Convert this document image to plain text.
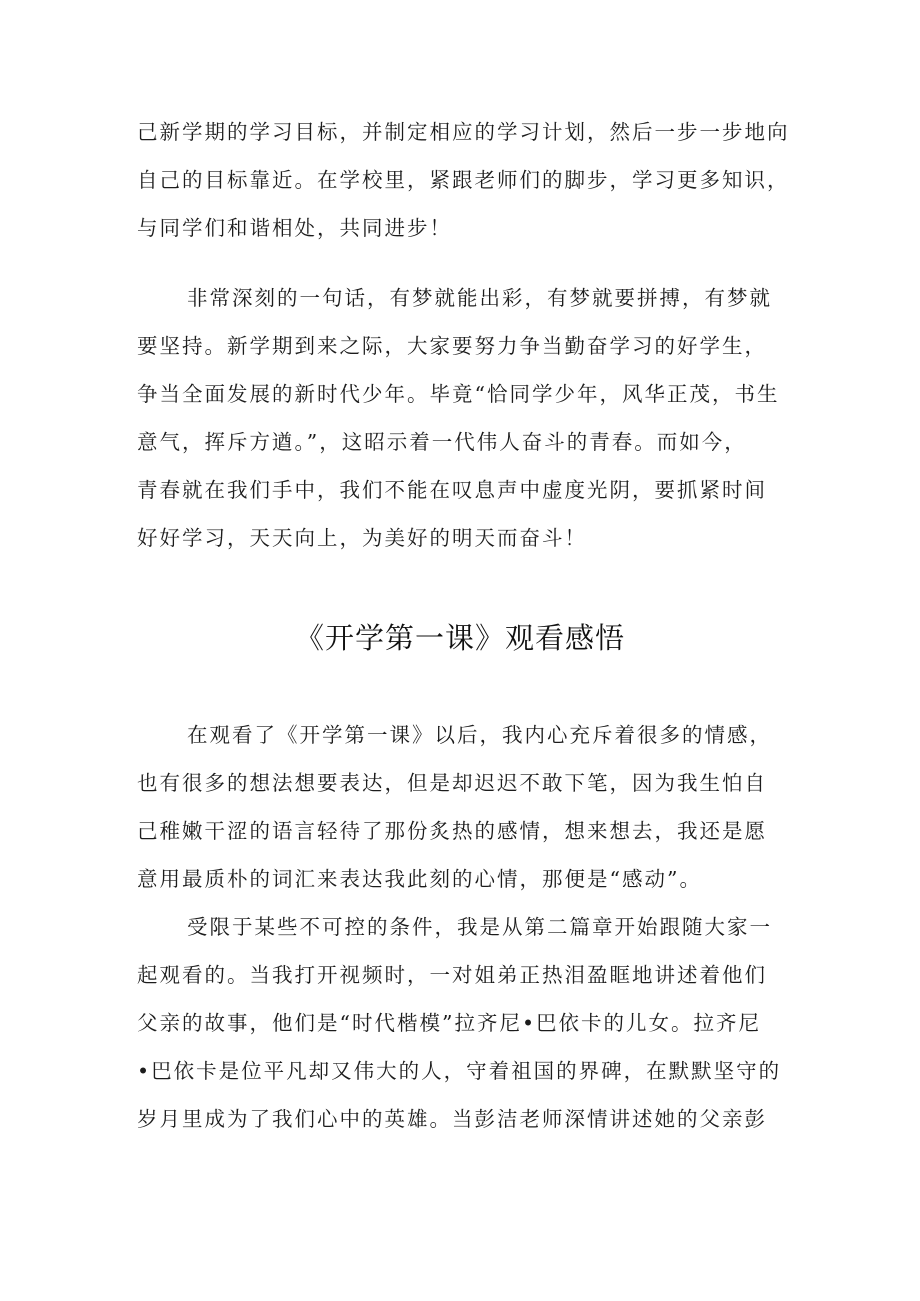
己新学期的学习目标，并制定相应的学习计划，然后一步一步地向
自己的目标靠近。在学校里，紧跟老师们的脚步，学习更多知识，
与同学们和谐相处，共同进步！
非常深刻的一句话，有梦就能出彩，有梦就要拼搏，有梦就
要坚持。新学期到来之际，大家要努力争当勤奋学习的好学生，
争当全面发展的新时代少年。毕竟“恰同学少年，风华正茂，书生
意气，挥斥方遒。”，这昭示着一代伟人奋斗的青春。而如今，
青春就在我们手中，我们不能在叹息声中虚度光阴，要抓紧时间
好好学习，天天向上，为美好的明天而奋斗！
《开学第一课》观看感悟
在观看了《开学第一课》以后，我内心充斥着很多的情感，
也有很多的想法想要表达，但是却迟迟不敢下笔，因为我生怕自
己稚嫩干涩的语言轻待了那份炙热的感情，想来想去，我还是愿
意用最质朴的词汇来表达我此刻的心情，那便是“感动”。
受限于某些不可控的条件，我是从第二篇章开始跟随大家一
起观看的。当我打开视频时，一对姐弟正热泪盈眶地讲述着他们
父亲的故事，他们是“时代楷模”拉齐尼•巴依卡的儿女。拉齐尼
•巴依卡是位平凡却又伟大的人，守着祖国的界碑，在默默坚守的
岁月里成为了我们心中的英雄。当彭洁老师深情讲述她的父亲彭
